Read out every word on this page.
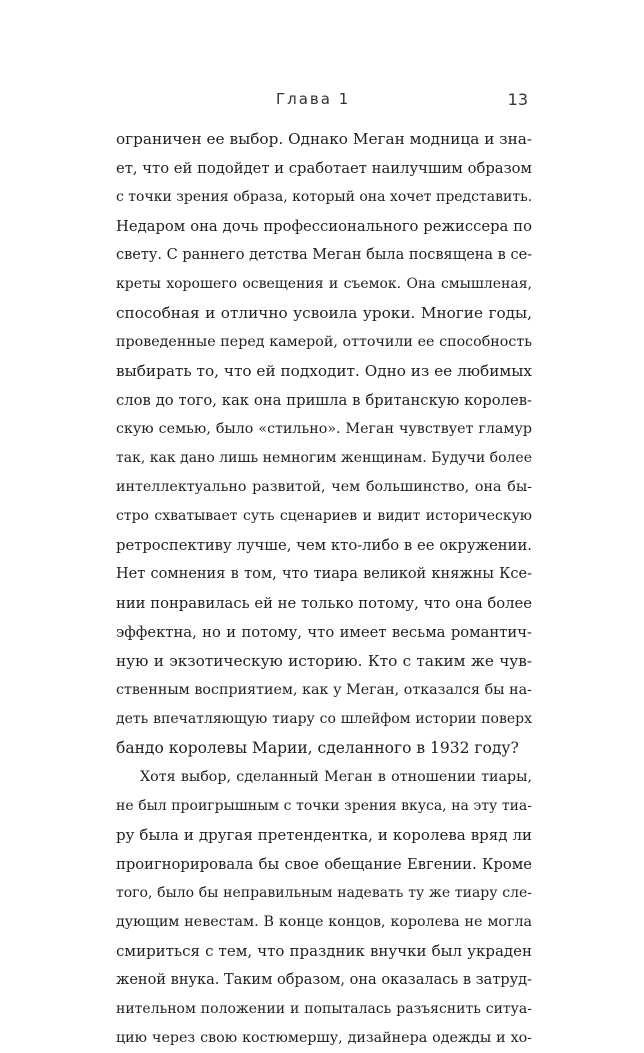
Глава 1	13
ограничен ее выбор. Однако Меган модница и зна-
ет, что ей подойдет и сработает наилучшим образом
с точки зрения образа, который она хочет представить.
Недаром она дочь профессионального режиссера по
свету. С раннего детства Меган была посвящена в се-
креты хорошего освещения и съемок. Она смышленая,
способная и отлично усвоила уроки. Многие годы,
проведенные перед камерой, отточили ее способность
выбирать то, что ей подходит. Одно из ее любимых
слов до того, как она пришла в британскую королев-
скую семью, было «стильно». Меган чувствует гламур
так, как дано лишь немногим женщинам. Будучи более
интеллектуально развитой, чем большинство, она бы-
стро схватывает суть сценариев и видит историческую
ретроспективу лучше, чем кто-либо в ее окружении.
Нет сомнения в том, что тиара великой княжны Ксе-
нии понравилась ей не только потому, что она более
эффектна, но и потому, что имеет весьма романтич-
ную и экзотическую историю. Кто с таким же чув-
ственным восприятием, как у Меган, отказался бы на-
деть впечатляющую тиару со шлейфом истории поверх
бандо королевы Марии, сделанного в 1932 году?
Хотя выбор, сделанный Меган в отношении тиары,
не был проигрышным с точки зрения вкуса, на эту тиа-
ру была и другая претендентка, и королева вряд ли
проигнорировала бы свое обещание Евгении. Кроме
того, было бы неправильным надевать ту же тиару сле-
дующим невестам. В конце концов, королева не могла
смириться с тем, что праздник внучки был украден
женой внука. Таким образом, она оказалась в затруд-
нительном положении и попыталась разъяснить ситуа-
цию через свою костюмершу, дизайнера одежды и хо-
